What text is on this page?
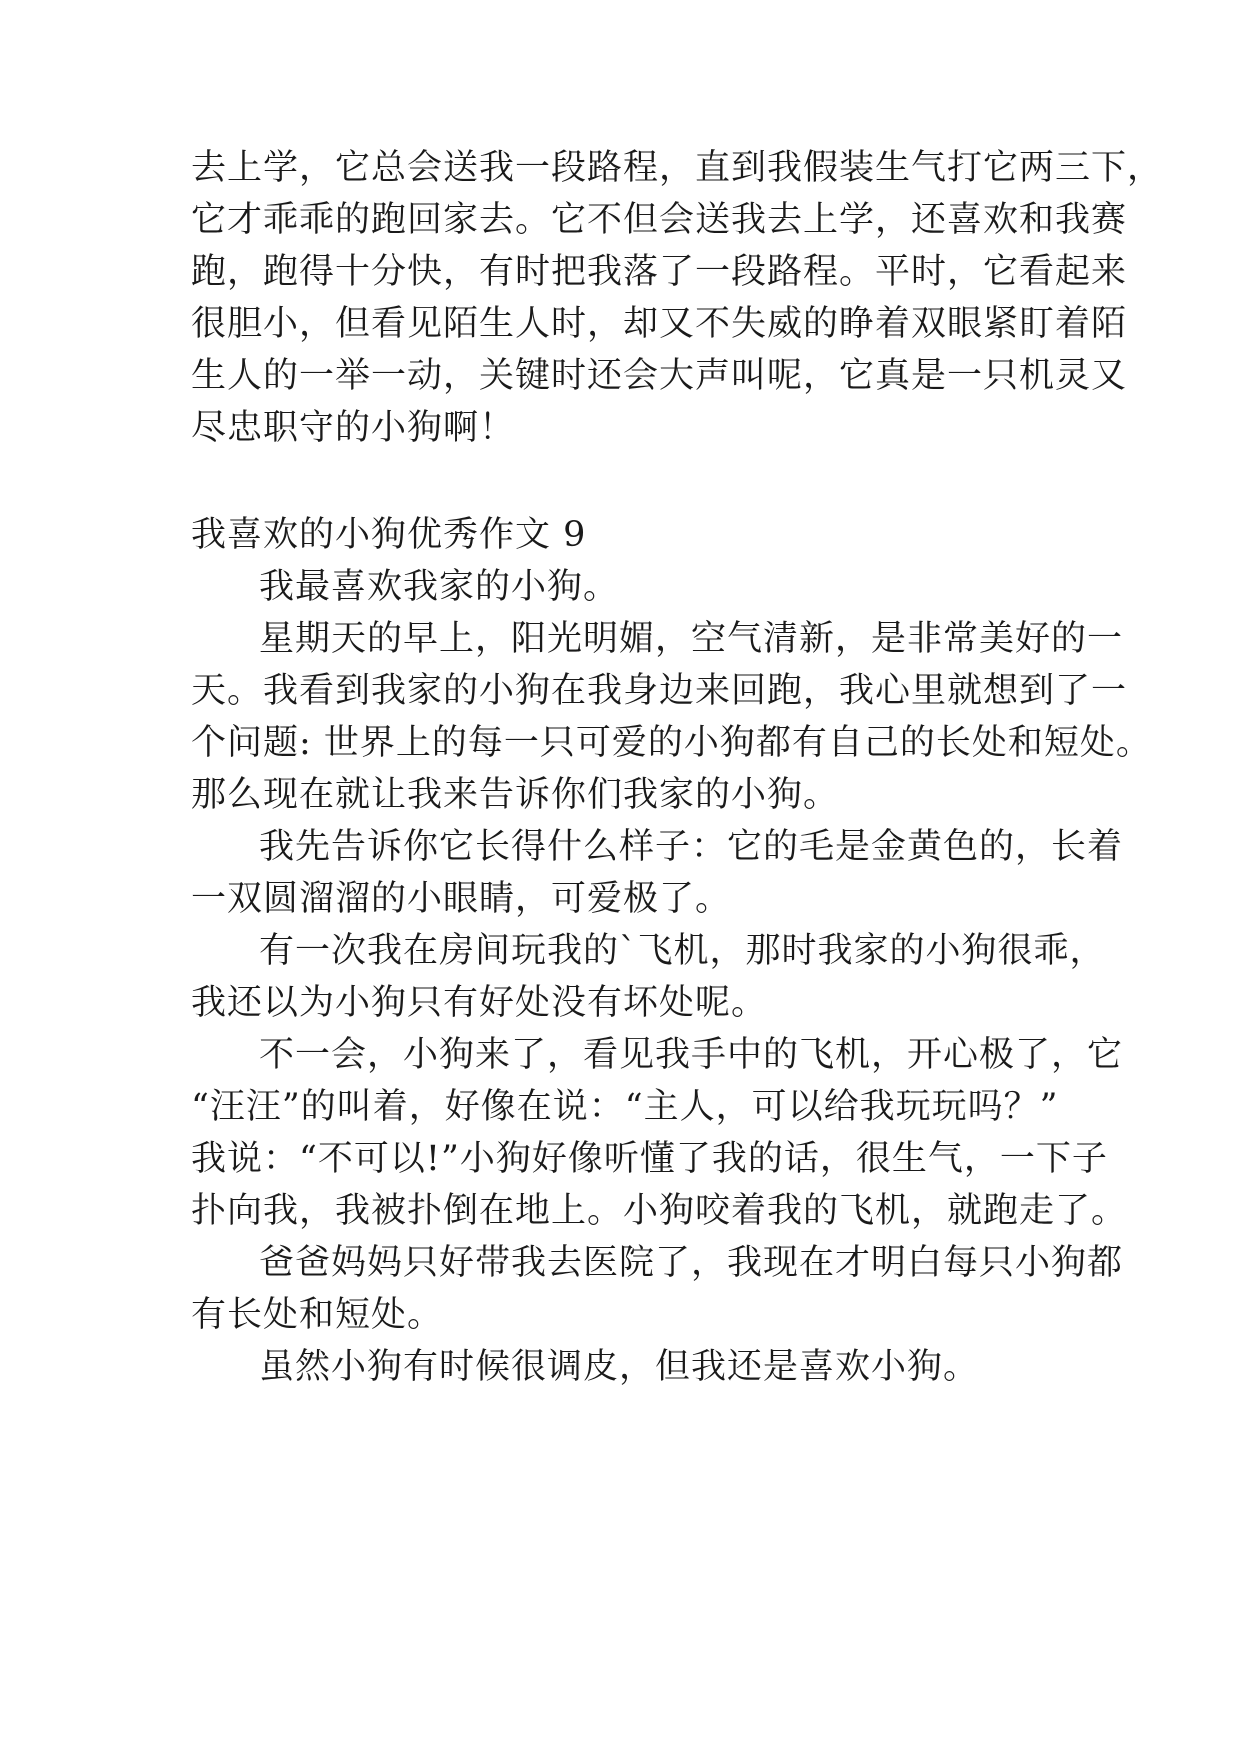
去上学，它总会送我一段路程，直到我假装生气打它两三下，
它才乖乖的跑回家去。它不但会送我去上学，还喜欢和我赛
跑，跑得十分快，有时把我落了一段路程。平时，它看起来
很胆小，但看见陌生人时，却又不失威的睁着双眼紧盯着陌
生人的一举一动，关键时还会大声叫呢，它真是一只机灵又
尽忠职守的小狗啊！
我喜欢的小狗优秀作文 9
我最喜欢我家的小狗。
星期天的早上，阳光明媚，空气清新，是非常美好的一
天。我看到我家的小狗在我身边来回跑，我心里就想到了一
个问题: 世界上的每一只可爱的小狗都有自己的长处和短处。
那么现在就让我来告诉你们我家的小狗。
我先告诉你它长得什么样子：它的毛是金黄色的，长着
一双圆溜溜的小眼睛，可爱极了。
有一次我在房间玩我的`飞机，那时我家的小狗很乖，
我还以为小狗只有好处没有坏处呢。
不一会，小狗来了，看见我手中的飞机，开心极了，它
“汪汪”的叫着，好像在说：“主人，可以给我玩玩吗？”
我说：“不可以!”小狗好像听懂了我的话，很生气，一下子
扑向我，我被扑倒在地上。小狗咬着我的飞机，就跑走了。
爸爸妈妈只好带我去医院了，我现在才明白每只小狗都
有长处和短处。
虽然小狗有时候很调皮，但我还是喜欢小狗。
